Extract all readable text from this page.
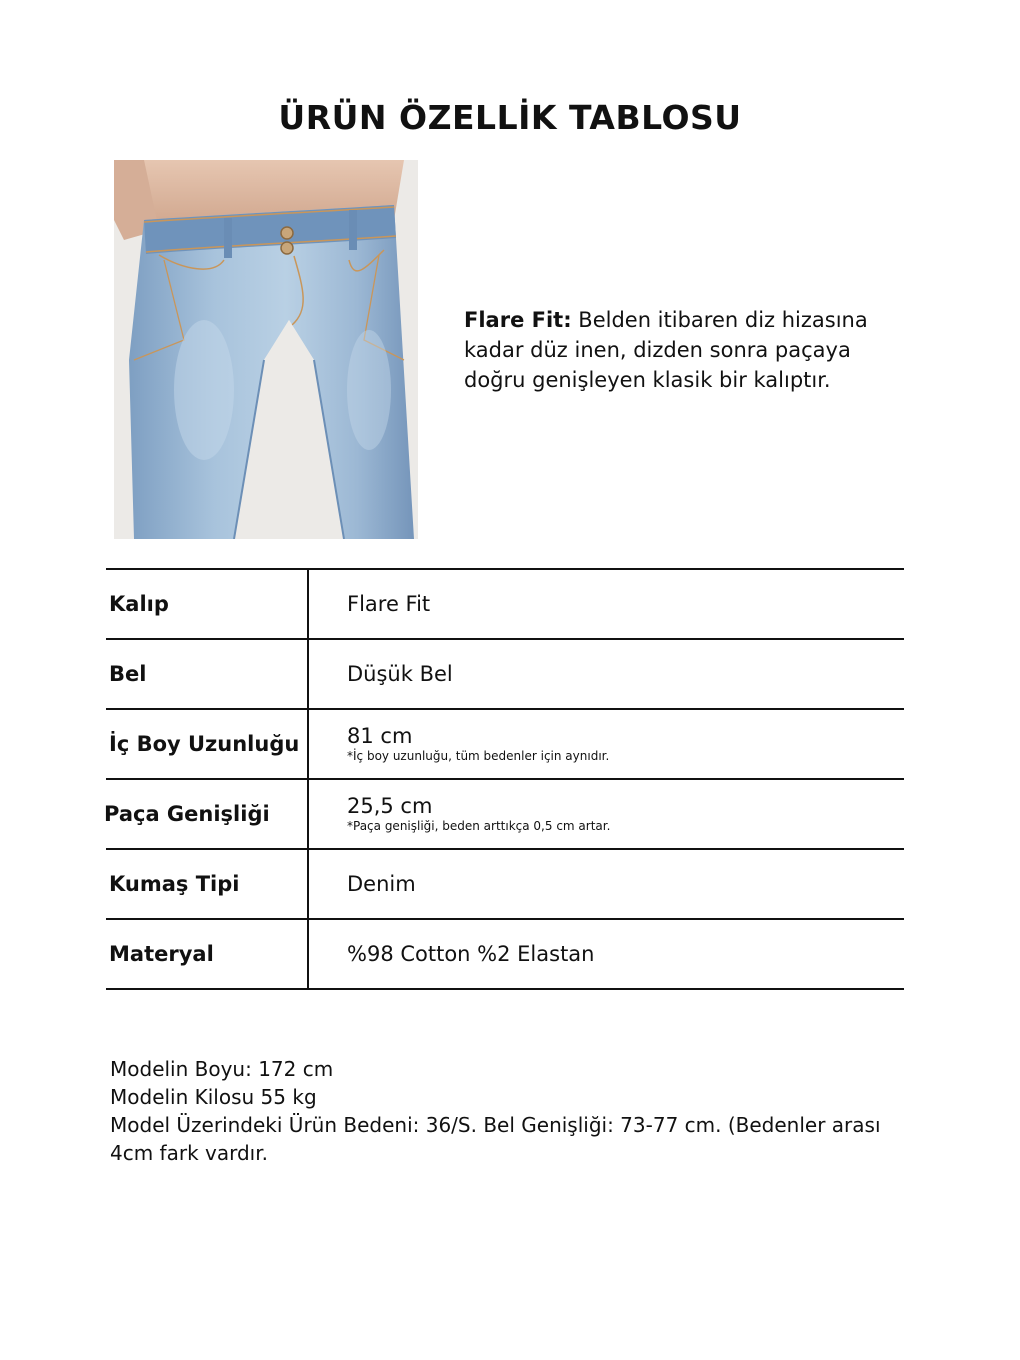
ÜRÜN ÖZELLİK TABLOSU
Flare Fit: Belden itibaren diz hizasına kadar düz inen, dizden sonra paçaya doğru genişleyen klasik bir kalıptır.
Kalıp	Flare Fit
Bel	Düşük Bel
İç Boy Uzunluğu 81 cm
*İç boy uzunluğu, tüm bedenler için aynıdır.
Paça Genişliği	25,5 cm
*Paça genişliği, beden arttıkça 0,5 cm artar.
Kumaş Tipi	Denim
Materyal	%98 Cotton %2 Elastan
Modelin Boyu: 172 cm
Modelin Kilosu 55 kg
Model Üzerindeki Ürün Bedeni: 36/S. Bel Genişliği: 73-77 cm. (Bedenler arası 4cm fark vardır.
